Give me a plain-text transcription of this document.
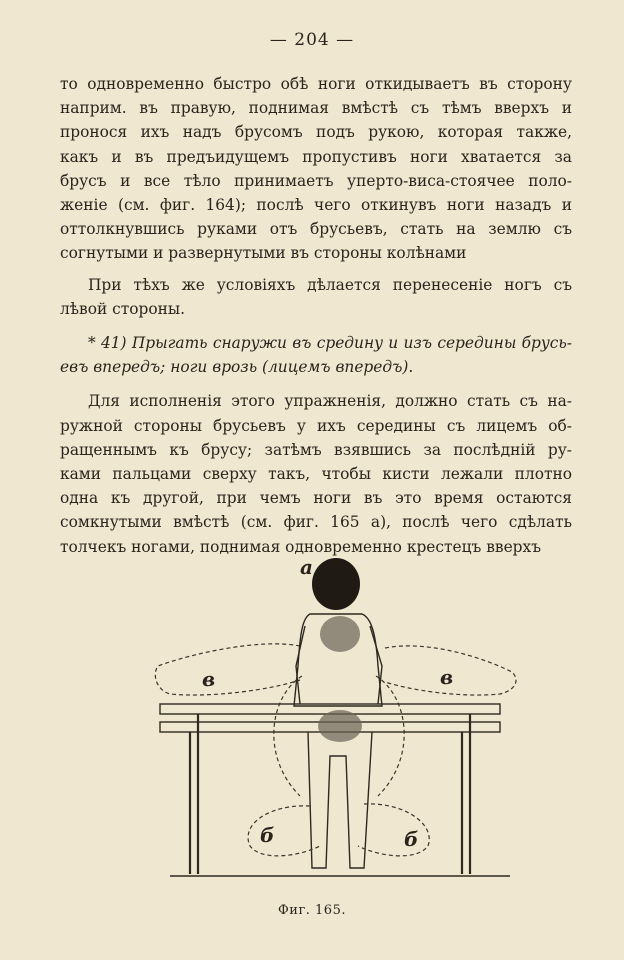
— 204 —
то одновременно быстро обѣ ноги откидываетъ въ сторону
наприм. въ правую, поднимая вмѣстѣ съ тѣмъ вверхъ и
пронося ихъ надъ брусомъ подъ рукою, которая также,
какъ и въ предъидущемъ пропустивъ ноги хватается за
брусъ и все тѣло принимаетъ уперто-виса-стоячее поло-
женіе (см. фиг. 164); послѣ чего откинувъ ноги назадъ и
оттолкнувшись руками отъ брусьевъ, стать на землю съ
согнутыми и развернутыми въ стороны колѣнами
При тѣхъ же условіяхъ дѣлается перенесеніе ногъ съ
лѣвой стороны.
* 41) Прыгать снаружи въ средину и изъ середины брусь-
евъ впередъ; ноги врозь (лицемъ впередъ).
Для исполненія этого упражненія, должно стать съ на-
ружной стороны брусьевъ у ихъ середины съ лицемъ об-
ращеннымъ къ брусу; затѣмъ взявшись за послѣдній ру-
ками пальцами сверху такъ, чтобы кисти лежали плотно
одна къ другой, при чемъ ноги въ это время остаются
сомкнутыми вмѣстѣ (см. фиг. 165 а), послѣ чего сдѣлать
толчекъ ногами, поднимая одновременно крестецъ вверхъ
a
в	в
б	б
Фиг. 165.
